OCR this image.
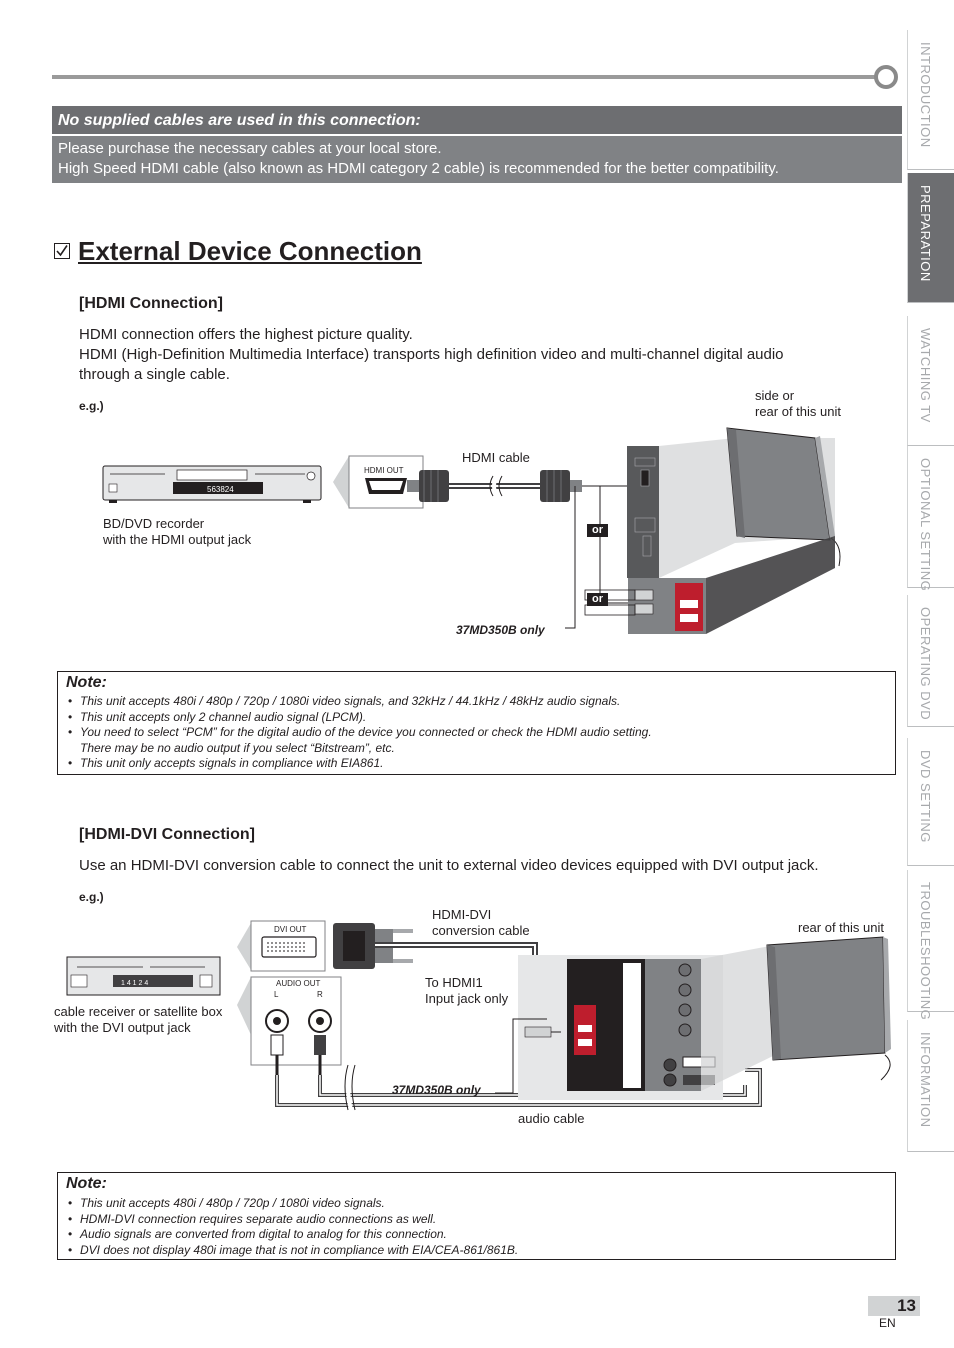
INTRODUCTION
PREPARATION
WATCHING TV
OPTIONAL SETTING
OPERATING DVD
DVD SETTING
TROUBLESHOOTING
INFORMATION
No supplied cables are used in this connection:
Please purchase the necessary cables at your local store.
High Speed HDMI cable (also known as HDMI category 2 cable) is recommended for the better compatibility.
External Device Connection
[HDMI Connection]
HDMI connection offers the highest picture quality.
HDMI (High-Definition Multimedia Interface) transports high definition video and multi-channel digital audio
through a single cable.
e.g.)
563824
HDMI OUT
side or
rear of this unit
HDMI cable
BD/DVD recorder
with the HDMI output jack
or
or
37MD350B only
Note:
• This unit accepts 480i / 480p / 720p / 1080i video signals, and 32kHz / 44.1kHz / 48kHz audio signals.
• This unit accepts only 2 channel audio signal (LPCM).
• You need to select “PCM” for the digital audio of the device you connected or check the HDMI audio setting.
There may be no audio output if you select “Bitstream”, etc.
• This unit only accepts signals in compliance with EIA861.
[HDMI-DVI Connection]
Use an HDMI-DVI conversion cable to connect the unit to external video devices equipped with DVI output jack.
e.g.)
1 4 1 2 4
DVI OUT
AUDIO OUT
L	R
HDMI-DVI
conversion cable	rear of this unit
To HDMI1
Input jack only
cable receiver or satellite box
with the DVI output jack
37MD350B only
audio cable
Note:
• This unit accepts 480i / 480p / 720p / 1080i video signals.
• HDMI-DVI connection requires separate audio connections as well.
• Audio signals are converted from digital to analog for this connection.
• DVI does not display 480i image that is not in compliance with EIA/CEA-861/861B.
13
EN
